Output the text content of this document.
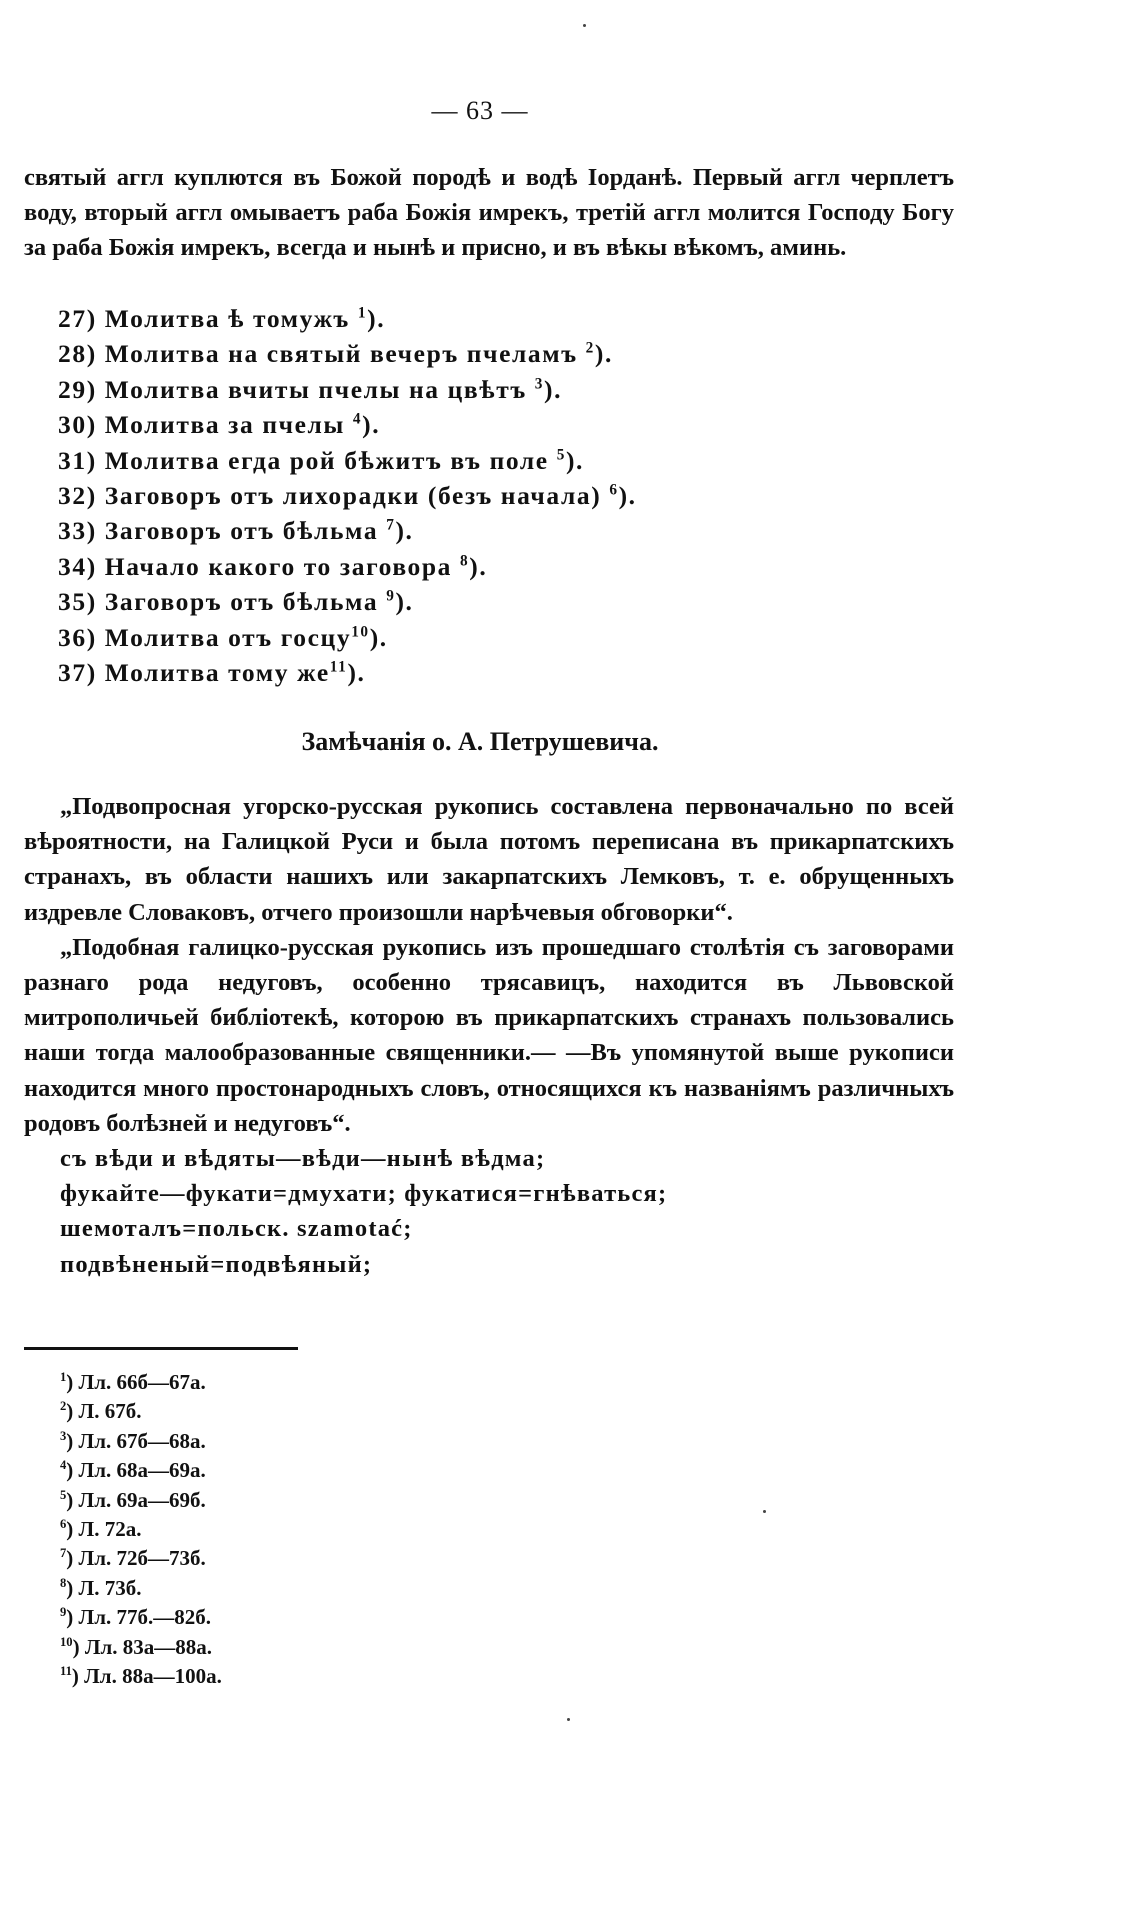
— 63 —

святый аггл куплются въ Божой породѣ и водѣ Іорданѣ. Первый аггл черплетъ воду, вторый аггл омываетъ раба Божія имрекъ, третій аггл молится Господу Богу за раба Божія имрекъ, всегда и нынѣ и присно, и въ вѣкы вѣкомъ, аминь.

27) Молитва ѣ томужъ $^1$).
28) Молитва на святый вечеръ пчеламъ $^2$).
29) Молитва вчиты пчелы на цвѣтъ $^3$).
30) Молитва за пчелы $^4$).
31) Молитва егда рой бѣжитъ въ поле $^5$).
32) Заговоръ отъ лихорадки (безъ начала) $^6$).
33) Заговоръ отъ бѣльма $^7$).
34) Начало какого то заговора $^8$).
35) Заговоръ отъ бѣльма $^9$).
36) Молитва отъ госцу$^{10}$).
37) Молитва тому $же^{11}$).
Замѣчанія о. А. Петрушевича.

„Подвопросная угорско-русская рукопись составлена первоначально по всей вѣроятности, на Галицкой Руси и была потомъ переписана въ прикарпатскихъ странахъ, въ области нашихъ или закарпатскихъ Лемковъ, т. е. обрущенныхъ издревле Словаковъ, отчего произошли нарѣчевыя обговорки“.

„Подобная галицко-русская рукопись изъ прошедшаго столѣтія съ заговорами разнаго рода недуговъ, особенно трясавицъ, находится въ Львовской митрополичьей библіотекѣ, которою въ прикарпатскихъ странахъ пользовались наши тогда малообразованные священники.— —Въ упомянутой выше рукописи находится много простонародныхъ словъ, относящихся къ названіямъ различныхъ родовъ болѣзней и недуговъ“.

съ вѣди и вѣдяты—вѣди—нынѣ вѣдма;
фукайте—фукати=дмухати; фукатися=гнѣваться;
шемоталъ=польск. szamotać;
подвѣненый=подвѣяный;
$^1$) Лл. 66б—67а.
$^2$) Л. 67б.
$^3$) Лл. 67б—68а.
$^4$) Лл. 68а—69а.
$^5$) Лл. 69а—69б.
$^6$) Л. 72а.
$^7$) Лл. 72б—73б.
$^8$) Л. 73б.
$^9$) Лл. 77б.—82б.
$^{10}$) Лл. 83а—88а.
$^{11}$) Лл. 88а—100а.
